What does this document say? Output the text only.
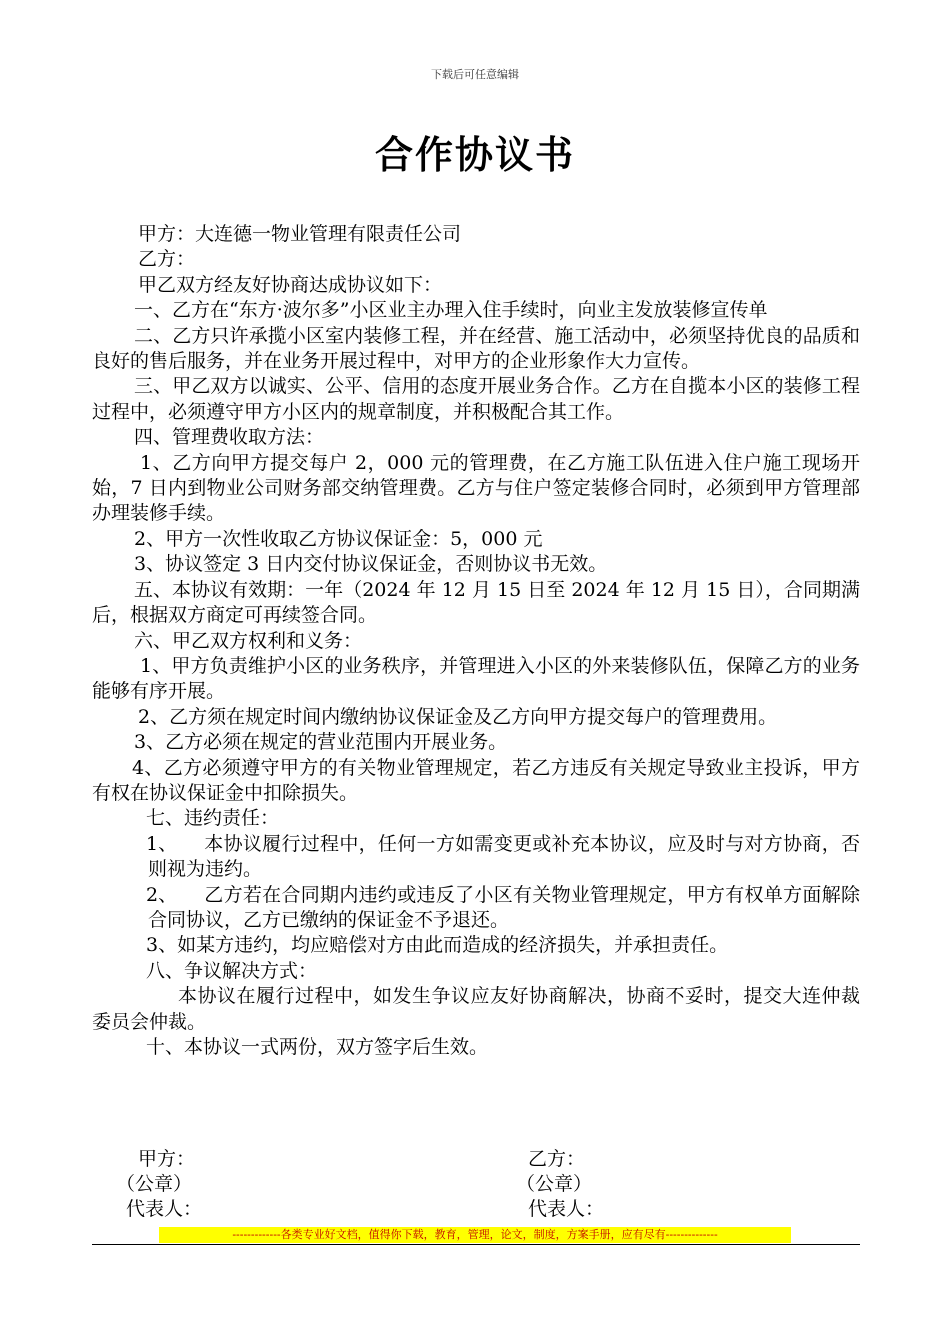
下载后可任意编辑
合作协议书

甲方：大连德一物业管理有限责任公司

乙方：

甲乙双方经友好协商达成协议如下：

一、乙方在“东方·波尔多”小区业主办理入住手续时，向业主发放装修宣传单

二、乙方只许承揽小区室内装修工程，并在经营、施工活动中，必须坚持优良的品质和良好的售后服务，并在业务开展过程中，对甲方的企业形象作大力宣传。

三、甲乙双方以诚实、公平、信用的态度开展业务合作。乙方在自揽本小区的装修工程过程中，必须遵守甲方小区内的规章制度，并积极配合其工作。

四、管理费收取方法：

1、乙方向甲方提交每户 2，000 元的管理费，在乙方施工队伍进入住户施工现场开始，7 日内到物业公司财务部交纳管理费。乙方与住户签定装修合同时，必须到甲方管理部办理装修手续。

2、甲方一次性收取乙方协议保证金：5，000 元

3、协议签定 3 日内交付协议保证金，否则协议书无效。

五、本协议有效期：一年（2024 年 12 月 15 日至 2024 年 12 月 15 日），合同期满后，根据双方商定可再续签合同。

六、甲乙双方权利和义务：

1、甲方负责维护小区的业务秩序，并管理进入小区的外来装修队伍，保障乙方的业务能够有序开展。

2、乙方须在规定时间内缴纳协议保证金及乙方向甲方提交每户的管理费用。

3、乙方必须在规定的营业范围内开展业务。

4、乙方必须遵守甲方的有关物业管理规定，若乙方违反有关规定导致业主投诉，甲方有权在协议保证金中扣除损失。

七、违约责任：

1、 本协议履行过程中，任何一方如需变更或补充本协议，应及时与对方协商，否则视为违约。

2、 乙方若在合同期内违约或违反了小区有关物业管理规定，甲方有权单方面解除合同协议，乙方已缴纳的保证金不予退还。

3、如某方违约，均应赔偿对方由此而造成的经济损失，并承担责任。

八、争议解决方式：

本协议在履行过程中，如发生争议应友好协商解决，协商不妥时，提交大连仲裁委员会仲裁。

十、本协议一式两份，双方签字后生效。

甲方：
（公章）
代表人：
乙方：
（公章）
代表人：
-------------各类专业好文档，值得你下载，教育，管理，论文，制度，方案手册，应有尽有--------------
